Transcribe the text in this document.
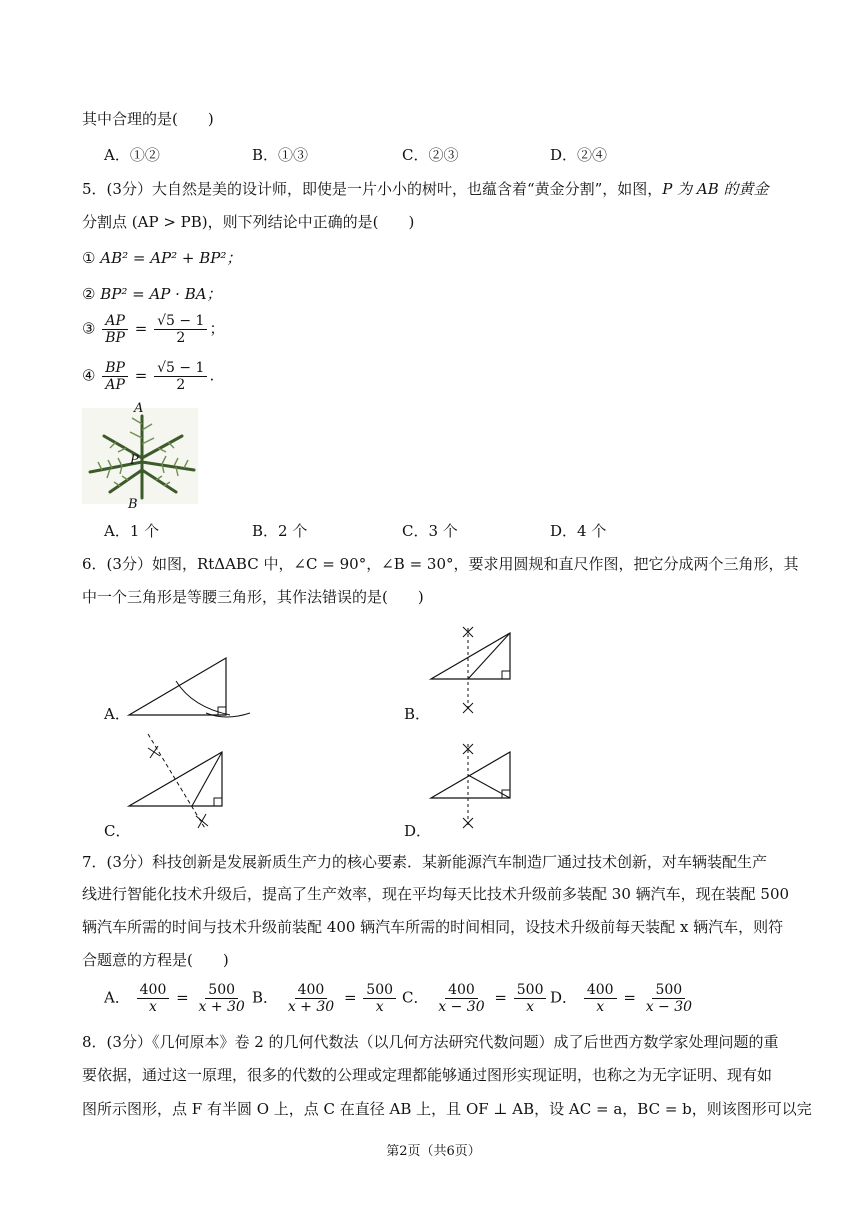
其中合理的是(　　)
A．①②	B．①③	C．②③	D．②④
5．(3分）大自然是美的设计师，即使是一片小小的树叶，也蕴含着“黄金分割”，如图，P 为 AB 的黄金
分割点 (AP > PB)，则下列结论中正确的是(　　)
① AB² = AP² + BP²；
② BP² = AP · BA；
③ $\frac{AP}{BP} = \frac{√5 - 1}{2}$ ；
④ $\frac{BP}{AP} = \frac{√5 - 1}{2}$ .
A
P
B
A．1 个	B．2 个	C．3 个	D．4 个
6．(3分）如图，RtΔABC 中，∠C = 90°，∠B = 30°，要求用圆规和直尺作图，把它分成两个三角形，其
中一个三角形是等腰三角形，其作法错误的是(　　)
A．	B．
C．	D．
7．(3分）科技创新是发展新质生产力的核心要素．某新能源汽车制造厂通过技术创新，对车辆装配生产
线进行智能化技术升级后，提高了生产效率，现在平均每天比技术升级前多装配 30 辆汽车，现在装配 500
辆汽车所需的时间与技术升级前装配 400 辆汽车所需的时间相同，设技术升级前每天装配 x 辆汽车，则符
合题意的方程是(　　)
A． $\frac{400}{x} = \frac{500}{x + 30}$ B． $\frac{400}{x + 30} = \frac{500}{x}$ C． $\frac{400}{x - 30} = \frac{500}{x}$ D． $\frac{400}{x} = \frac{500}{x - 30}$
8．(3分）《几何原本》卷 2 的几何代数法（以几何方法研究代数问题）成了后世西方数学家处理问题的重
要依据，通过这一原理，很多的代数的公理或定理都能够通过图形实现证明，也称之为无字证明、现有如
图所示图形，点 F 有半圆 O 上，点 C 在直径 AB 上，且 OF ⊥ AB，设 AC = a，BC = b，则该图形可以完
第2页（共6页）
